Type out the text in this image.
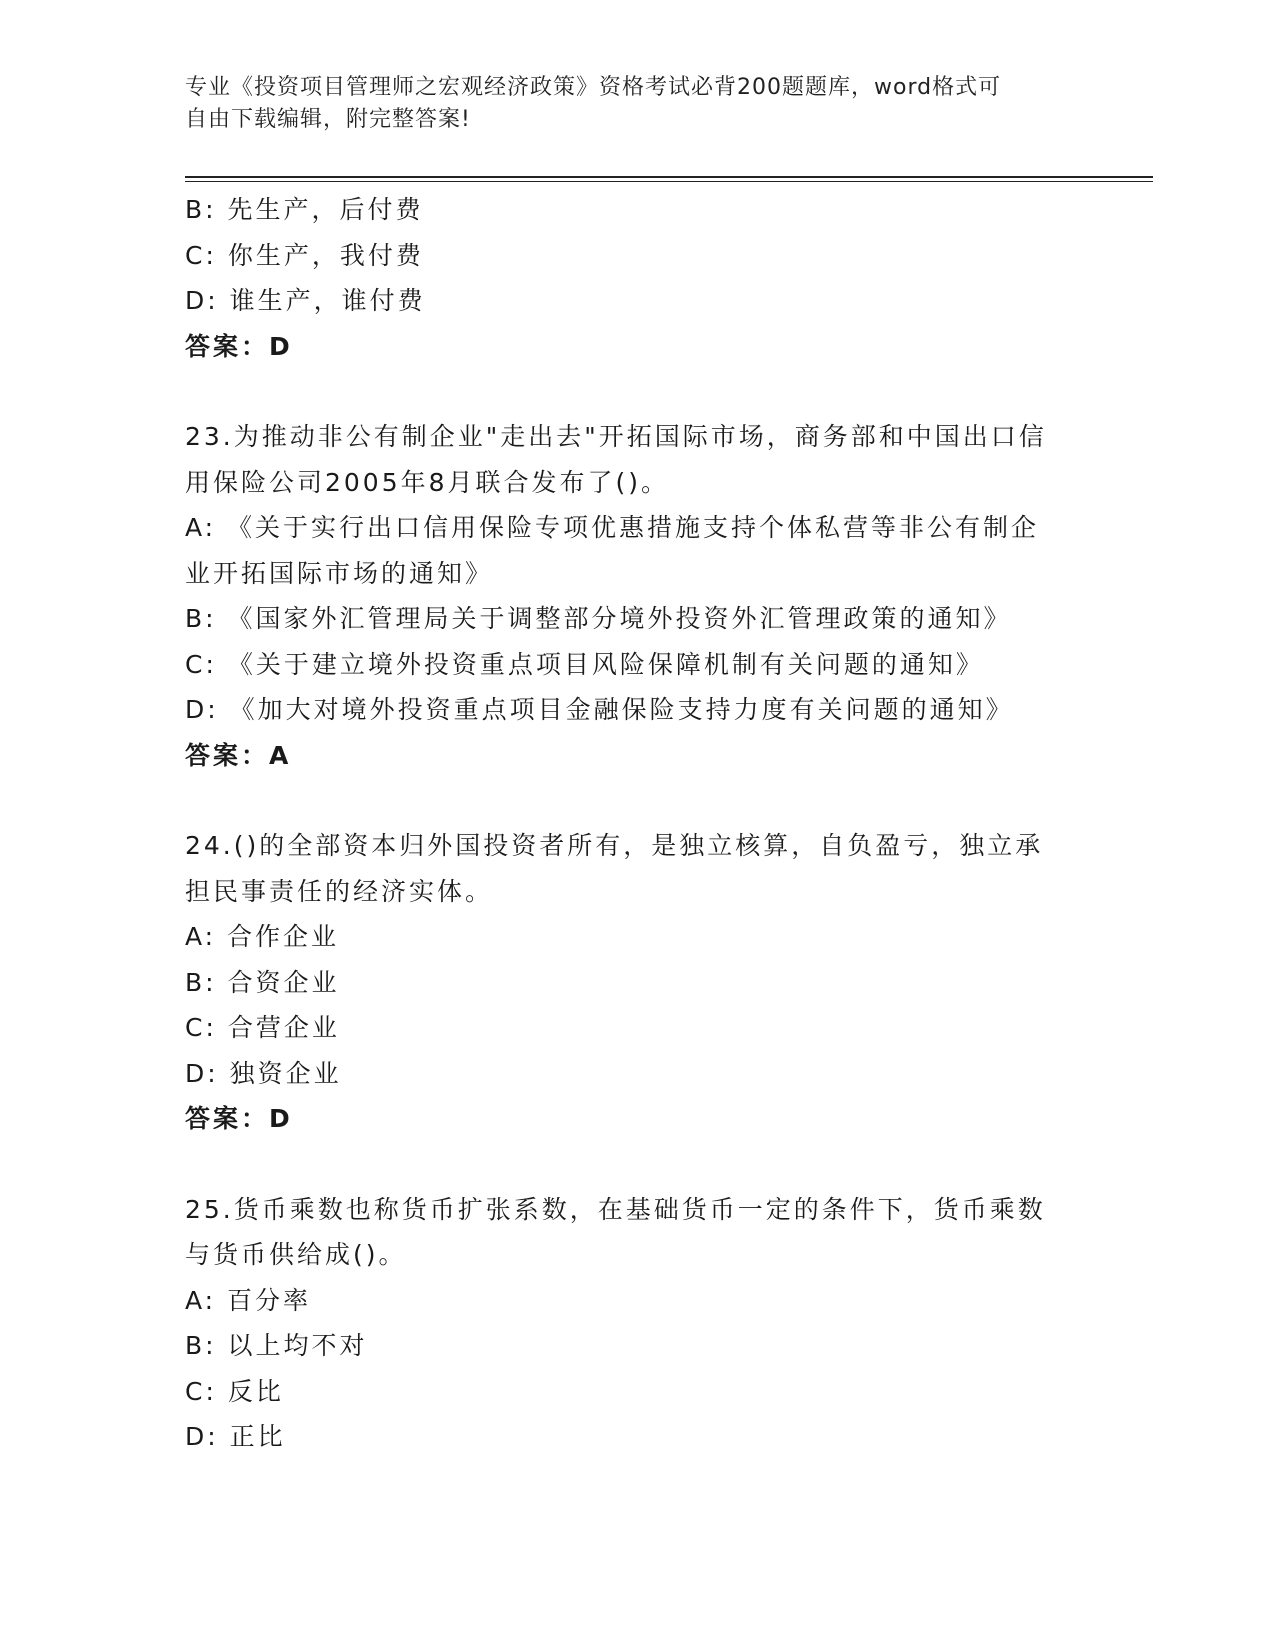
专业《投资项目管理师之宏观经济政策》资格考试必背200题题库，word格式可
自由下载编辑，附完整答案!
B: 先生产，后付费
C: 你生产，我付费
D: 谁生产，谁付费
答案：D
23.为推动非公有制企业"走出去"开拓国际市场，商务部和中国出口信
用保险公司2005年8月联合发布了()。
A: 《关于实行出口信用保险专项优惠措施支持个体私营等非公有制企
业开拓国际市场的通知》
B: 《国家外汇管理局关于调整部分境外投资外汇管理政策的通知》
C: 《关于建立境外投资重点项目风险保障机制有关问题的通知》
D: 《加大对境外投资重点项目金融保险支持力度有关问题的通知》
答案：A
24.()的全部资本归外国投资者所有，是独立核算，自负盈亏，独立承
担民事责任的经济实体。
A: 合作企业
B: 合资企业
C: 合营企业
D: 独资企业
答案：D
25.货币乘数也称货币扩张系数，在基础货币一定的条件下，货币乘数
与货币供给成()。
A: 百分率
B: 以上均不对
C: 反比
D: 正比
